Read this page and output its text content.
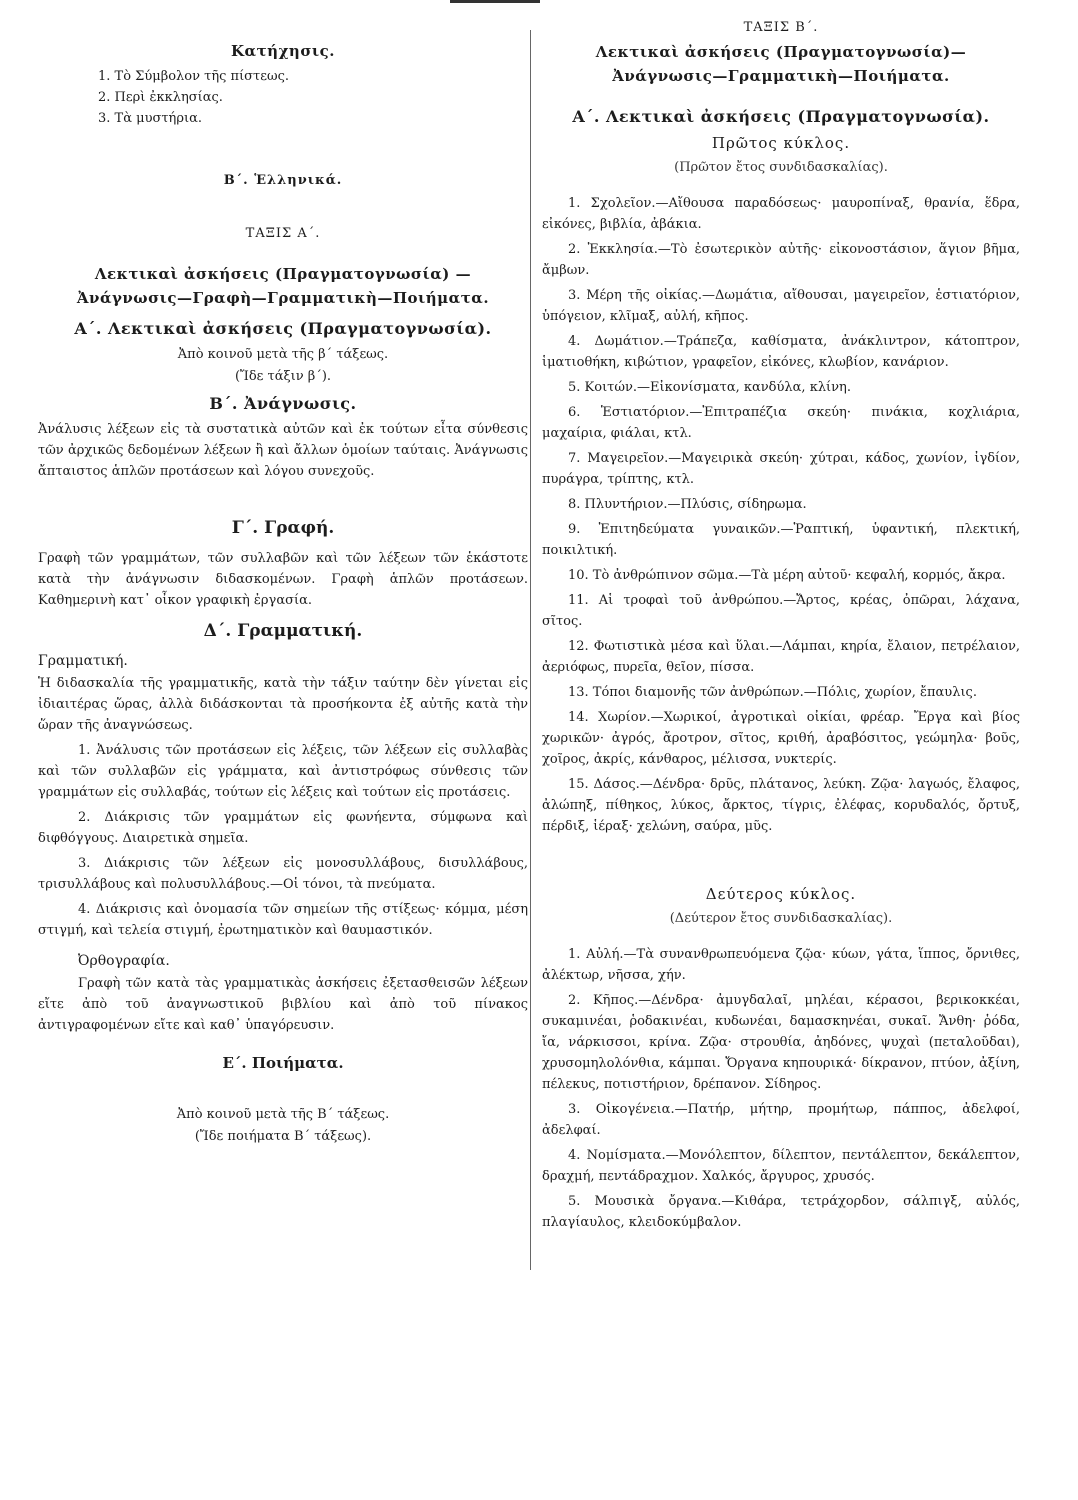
Κατήχησις.
1. Τὸ Σύμβολον τῆς πίστεως.
2. Περὶ ἐκκλησίας.
3. Τὰ μυστήρια.
Β΄. Ἑλληνικά.
ΤΑΞΙΣ Α΄.
Λεκτικαὶ ἀσκήσεις (Πραγματογνωσία) —
Ἀνάγνωσις—Γραφὴ—Γραμματικὴ—Ποιήματα.
Α΄. Λεκτικαὶ ἀσκήσεις (Πραγματογνωσία).
Ἀπὸ κοινοῦ μετὰ τῆς β΄ τάξεως.
(Ἴδε τάξιν β΄).
Β΄. Ἀνάγνωσις.
Ἀνάλυσις λέξεων εἰς τὰ συστατικὰ αὐτῶν καὶ ἐκ τούτων εἶτα σύνθεσις τῶν ἀρχικῶς δεδομένων λέξεων ἢ καὶ ἄλλων ὁμοίων ταύταις. Ἀνάγνωσις ἄπταιστος ἁπλῶν προτάσεων καὶ λόγου συνεχοῦς.
Γ΄. Γραφή.
Γραφὴ τῶν γραμμάτων, τῶν συλλαβῶν καὶ τῶν λέξεων τῶν ἑκάστοτε κατὰ τὴν ἀνάγνωσιν διδασκομένων. Γραφὴ ἁπλῶν προτάσεων. Καθημερινὴ κατ᾽ οἶκον γραφικὴ ἐργασία.
Δ΄. Γραμματική.
Γραμματική.
Ἡ διδασκαλία τῆς γραμματικῆς, κατὰ τὴν τάξιν ταύτην δὲν γίνεται εἰς ἰδιαιτέρας ὥρας, ἀλλὰ διδάσκονται τὰ προσήκοντα ἐξ αὐτῆς κατὰ τὴν ὥραν τῆς ἀναγνώσεως.
1. Ἀνάλυσις τῶν προτάσεων εἰς λέξεις, τῶν λέξεων εἰς συλλαβὰς καὶ τῶν συλλαβῶν εἰς γράμματα, καὶ ἀντιστρόφως σύνθεσις τῶν γραμμάτων εἰς συλλαβάς, τούτων εἰς λέξεις καὶ τούτων εἰς προτάσεις.
2. Διάκρισις τῶν γραμμάτων εἰς φωνήεντα, σύμφωνα καὶ διφθόγγους. Διαιρετικὰ σημεῖα.
3. Διάκρισις τῶν λέξεων εἰς μονοσυλλάβους, δισυλλάβους, τρισυλλάβους καὶ πολυσυλλάβους.—Οἱ τόνοι, τὰ πνεύματα.
4. Διάκρισις καὶ ὀνομασία τῶν σημείων τῆς στίξεως· κόμμα, μέση στιγμή, καὶ τελεία στιγμή, ἐρωτηματικὸν καὶ θαυμαστικόν.
Ὀρθογραφία.
Γραφὴ τῶν κατὰ τὰς γραμματικὰς ἀσκήσεις ἐξετασθεισῶν λέξεων εἴτε ἀπὸ τοῦ ἀναγνωστικοῦ βιβλίου καὶ ἀπὸ τοῦ πίνακος ἀντιγραφομένων εἴτε καὶ καθ᾽ ὑπαγόρευσιν.
Ε΄. Ποιήματα.
Ἀπὸ κοινοῦ μετὰ τῆς Β΄ τάξεως.
(Ἴδε ποιήματα Β΄ τάξεως).
ΤΑΞΙΣ Β΄.
Λεκτικαὶ ἀσκήσεις (Πραγματογνωσία)—
Ἀνάγνωσις—Γραμματικὴ—Ποιήματα.
Α΄. Λεκτικαὶ ἀσκήσεις (Πραγματογνωσία).
Πρῶτος κύκλος.
(Πρῶτον ἔτος συνδιδασκαλίας).
1. Σχολεῖον.—Αἴθουσα παραδόσεως· μαυροπίναξ, θρανία, ἕδρα, εἰκόνες, βιβλία, ἀβάκια.
2. Ἐκκλησία.—Τὸ ἐσωτερικὸν αὐτῆς· εἰκονοστάσιον, ἅγιον βῆμα, ἄμβων.
3. Μέρη τῆς οἰκίας.—Δωμάτια, αἴθουσαι, μαγειρεῖον, ἑστιατόριον, ὑπόγειον, κλῖμαξ, αὐλή, κῆπος.
4. Δωμάτιον.—Τράπεζα, καθίσματα, ἀνάκλιντρον, κάτοπτρον, ἱματιοθήκη, κιβώτιον, γραφεῖον, εἰκόνες, κλωβίον, κανάριον.
5. Κοιτών.—Εἰκονίσματα, κανδύλα, κλίνη.
6. Ἑστιατόριον.—Ἐπιτραπέζια σκεύη· πινάκια, κοχλιάρια, μαχαίρια, φιάλαι, κτλ.
7. Μαγειρεῖον.—Μαγειρικὰ σκεύη· χύτραι, κάδος, χωνίον, ἰγδίον, πυράγρα, τρίπτης, κτλ.
8. Πλυντήριον.—Πλύσις, σίδηρωμα.
9. Ἐπιτηδεύματα γυναικῶν.—Ῥαπτική, ὑφαντική, πλεκτική, ποικιλτική.
10. Τὸ ἀνθρώπινον σῶμα.—Τὰ μέρη αὐτοῦ· κεφαλή, κορμός, ἄκρα.
11. Αἱ τροφαὶ τοῦ ἀνθρώπου.—Ἄρτος, κρέας, ὀπῶραι, λάχανα, σῖτος.
12. Φωτιστικὰ μέσα καὶ ὕλαι.—Λάμπαι, κηρία, ἔλαιον, πετρέλαιον, ἀεριόφως, πυρεῖα, θεῖον, πίσσα.
13. Τόποι διαμονῆς τῶν ἀνθρώπων.—Πόλις, χωρίον, ἔπαυλις.
14. Χωρίον.—Χωρικοί, ἀγροτικαὶ οἰκίαι, φρέαρ. Ἔργα καὶ βίος χωρικῶν· ἀγρός, ἄροτρον, σῖτος, κριθή, ἀραβόσιτος, γεώμηλα· βοῦς, χοῖρος, ἀκρίς, κάνθαρος, μέλισσα, νυκτερίς.
15. Δάσος.—Δένδρα· δρῦς, πλάτανος, λεύκη. Ζῷα· λαγωός, ἔλαφος, ἀλώπηξ, πίθηκος, λύκος, ἄρκτος, τίγρις, ἐλέφας, κορυδαλός, ὄρτυξ, πέρδιξ, ἱέραξ· χελώνη, σαύρα, μῦς.
Δεύτερος κύκλος.
(Δεύτερον ἔτος συνδιδασκαλίας).
1. Αὐλή.—Τὰ συνανθρωπευόμενα ζῷα· κύων, γάτα, ἵππος, ὄρνιθες, ἀλέκτωρ, νῆσσα, χήν.
2. Κῆπος.—Δένδρα· ἀμυγδαλαῖ, μηλέαι, κέρασοι, βερικοκκέαι, συκαμινέαι, ῥοδακινέαι, κυδωνέαι, δαμασκηνέαι, συκαῖ. Ἄνθη· ῥόδα, ἴα, νάρκισσοι, κρίνα. Ζῷα· στρουθία, ἀηδόνες, ψυχαὶ (πεταλοῦδαι), χρυσομηλολόνθια, κάμπαι. Ὄργανα κηπουρικά· δίκρανον, πτύον, ἀξίνη, πέλεκυς, ποτιστήριον, δρέπανον. Σίδηρος.
3. Οἰκογένεια.—Πατήρ, μήτηρ, προμήτωρ, πάππος, ἀδελφοί, ἀδελφαί.
4. Νομίσματα.—Μονόλεπτον, δίλεπτον, πεντάλεπτον, δεκάλεπτον, δραχμή, πεντάδραχμον. Χαλκός, ἄργυρος, χρυσός.
5. Μουσικὰ ὄργανα.—Κιθάρα, τετράχορδον, σάλπιγξ, αὐλός, πλαγίαυλος, κλειδοκύμβαλον.
